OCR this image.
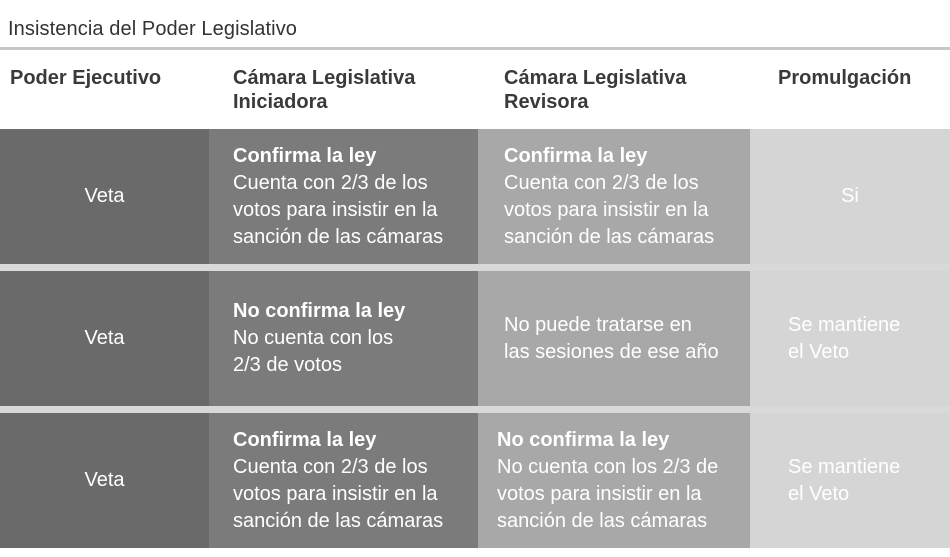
Insistencia del Poder Legislativo
Poder Ejecutivo	Cámara Legislativa
Iniciadora
Cámara Legislativa
Revisora
Promulgación
Veta
Confirma la ley
Cuenta con 2/3 de los
votos para insistir en la
sanción de las cámaras
Confirma la ley
Cuenta con 2/3 de los
votos para insistir en la
sanción de las cámaras
Si
Veta
No confirma la ley
No cuenta con los
2/3 de votos
No puede tratarse en
las sesiones de ese año
Se mantiene
el Veto
Veta
Confirma la ley
Cuenta con 2/3 de los
votos para insistir en la
sanción de las cámaras
No confirma la ley
No cuenta con los 2/3 de
votos para insistir en la
sanción de las cámaras
Se mantiene
el Veto
